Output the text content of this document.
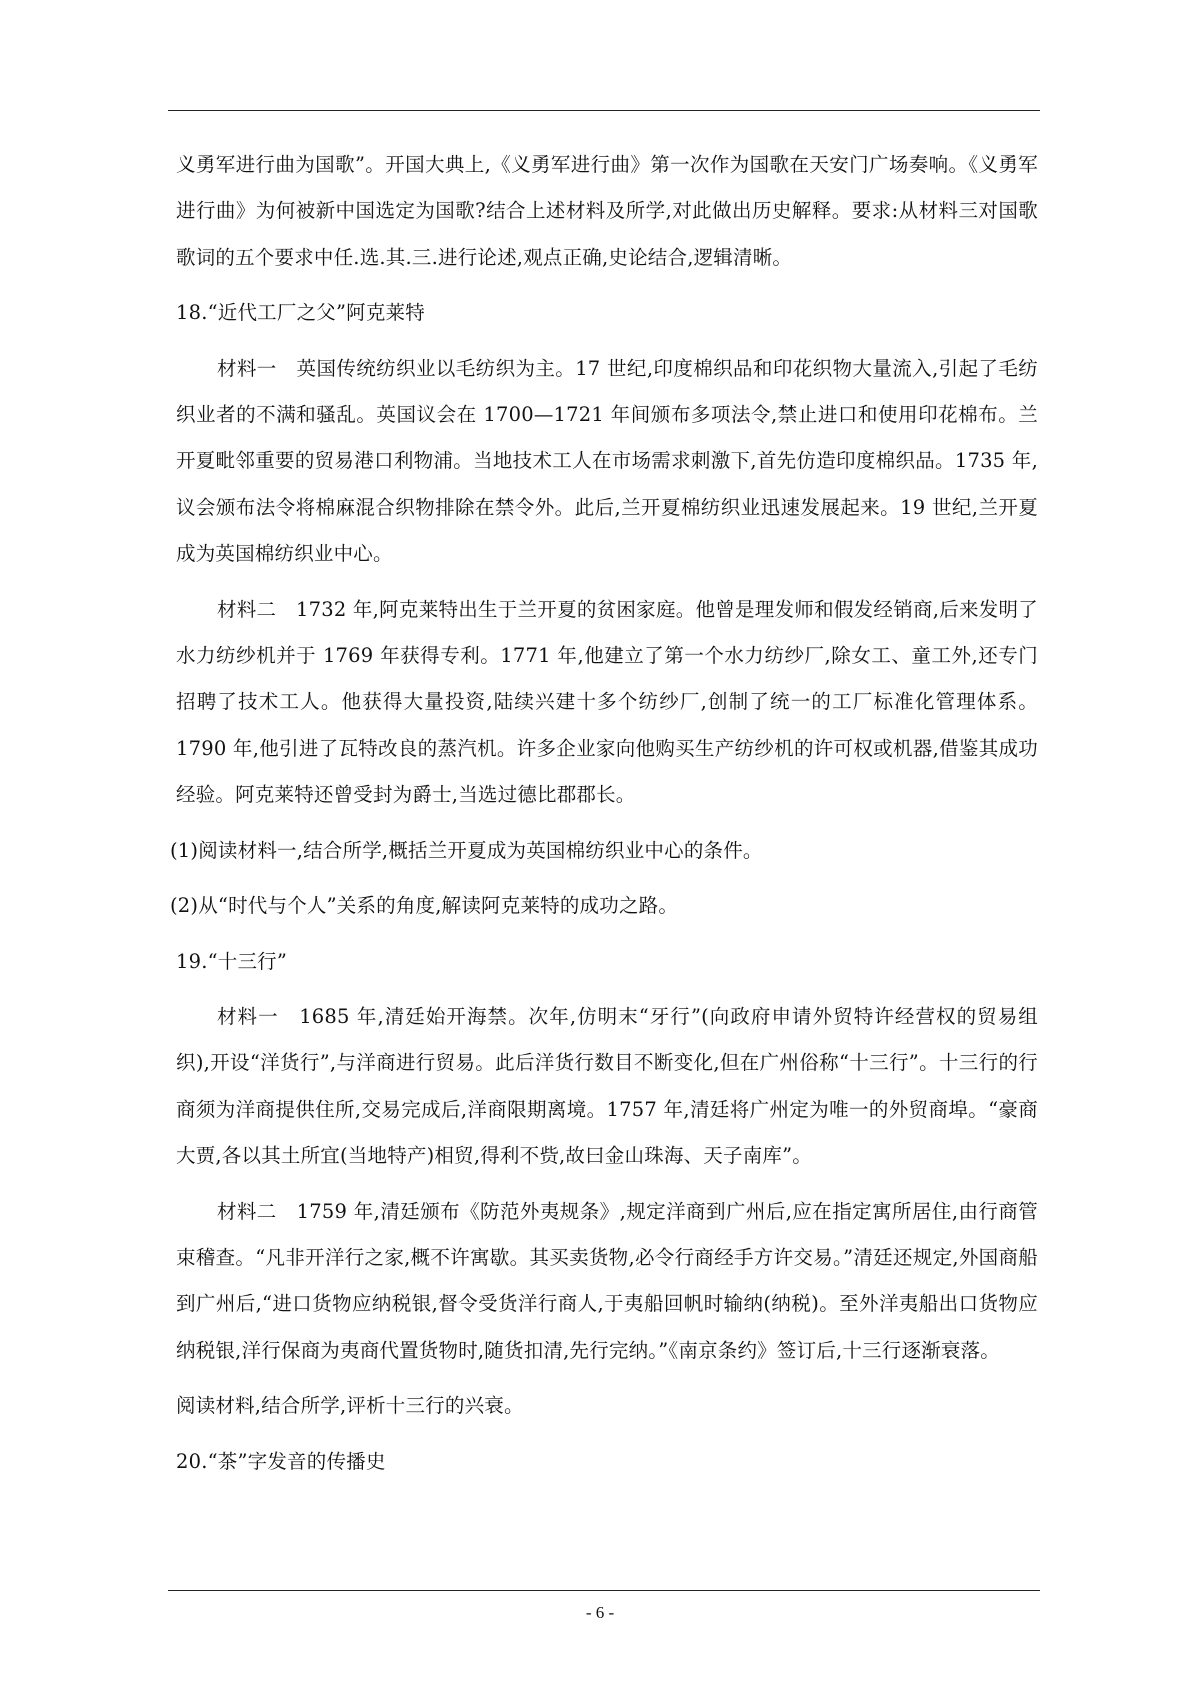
义勇军进行曲为国歌”。开国大典上,《义勇军进行曲》第一次作为国歌在天安门广场奏响。《义勇军进行曲》为何被新中国选定为国歌?结合上述材料及所学,对此做出历史解释。要求:从材料三对国歌歌词的五个要求中任.选.其.三.进行论述,观点正确,史论结合,逻辑清晰。

18.“近代工厂之父”阿克莱特

材料一　英国传统纺织业以毛纺织为主。17 世纪,印度棉织品和印花织物大量流入,引起了毛纺织业者的不满和骚乱。英国议会在 1700—1721 年间颁布多项法令,禁止进口和使用印花棉布。兰开夏毗邻重要的贸易港口利物浦。当地技术工人在市场需求刺激下,首先仿造印度棉织品。1735 年,议会颁布法令将棉麻混合织物排除在禁令外。此后,兰开夏棉纺织业迅速发展起来。19 世纪,兰开夏成为英国棉纺织业中心。

材料二　1732 年,阿克莱特出生于兰开夏的贫困家庭。他曾是理发师和假发经销商,后来发明了水力纺纱机并于 1769 年获得专利。1771 年,他建立了第一个水力纺纱厂,除女工、童工外,还专门招聘了技术工人。他获得大量投资,陆续兴建十多个纺纱厂,创制了统一的工厂标准化管理体系。1790 年,他引进了瓦特改良的蒸汽机。许多企业家向他购买生产纺纱机的许可权或机器,借鉴其成功经验。阿克莱特还曾受封为爵士,当选过德比郡郡长。

(1)阅读材料一,结合所学,概括兰开夏成为英国棉纺织业中心的条件。

(2)从“时代与个人”关系的角度,解读阿克莱特的成功之路。

19.“十三行”

材料一　1685 年,清廷始开海禁。次年,仿明末“牙行”(向政府申请外贸特许经营权的贸易组织),开设“洋货行”,与洋商进行贸易。此后洋货行数目不断变化,但在广州俗称“十三行”。十三行的行商须为洋商提供住所,交易完成后,洋商限期离境。1757 年,清廷将广州定为唯一的外贸商埠。“豪商大贾,各以其土所宜(当地特产)相贸,得利不赀,故曰金山珠海、天子南库”。

材料二　1759 年,清廷颁布《防范外夷规条》,规定洋商到广州后,应在指定寓所居住,由行商管束稽查。“凡非开洋行之家,概不许寓歇。其买卖货物,必令行商经手方许交易。”清廷还规定,外国商船到广州后,“进口货物应纳税银,督令受货洋行商人,于夷船回帆时输纳(纳税)。至外洋夷船出口货物应纳税银,洋行保商为夷商代置货物时,随货扣清,先行完纳。”《南京条约》签订后,十三行逐渐衰落。

阅读材料,结合所学,评析十三行的兴衰。

20.“茶”字发音的传播史

- 6 -
